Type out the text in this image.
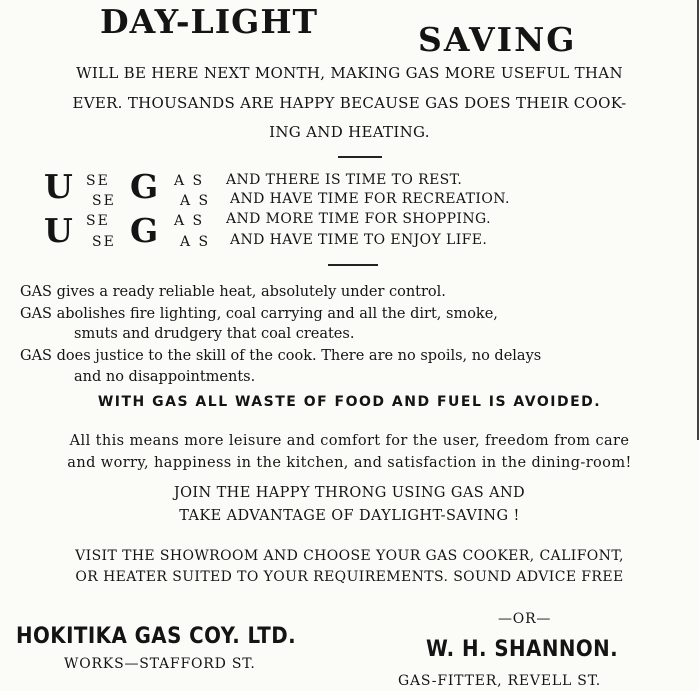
DAY-LIGHT	SAVING
WILL BE HERE NEXT MONTH, MAKING GAS MORE USEFUL THAN
EVER. THOUSANDS ARE HAPPY BECAUSE GAS DOES THEIR COOK-
ING AND HEATING.
U SE
SE G A S
A S
AND THERE IS TIME TO REST.
AND HAVE TIME FOR RECREATION.
U SE
SE G A S
A S
AND MORE TIME FOR SHOPPING.
AND HAVE TIME TO ENJOY LIFE.
GAS gives a ready reliable heat, absolutely under control.
GAS abolishes fire lighting, coal carrying and all the dirt, smoke,
smuts and drudgery that coal creates.
GAS does justice to the skill of the cook. There are no spoils, no delays
and no disappointments.
WITH GAS ALL WASTE OF FOOD AND FUEL IS AVOIDED.
All this means more leisure and comfort for the user, freedom from care
and worry, happiness in the kitchen, and satisfaction in the dining-room!
JOIN THE HAPPY THRONG USING GAS AND
TAKE ADVANTAGE OF DAYLIGHT-SAVING !
VISIT THE SHOWROOM AND CHOOSE YOUR GAS COOKER, CALIFONT,
OR HEATER SUITED TO YOUR REQUIREMENTS. SOUND ADVICE FREE
HOKITIKA GAS COY. LTD.
WORKS—STAFFORD ST.
—OR—
W. H. SHANNON.
GAS-FITTER, REVELL ST.
